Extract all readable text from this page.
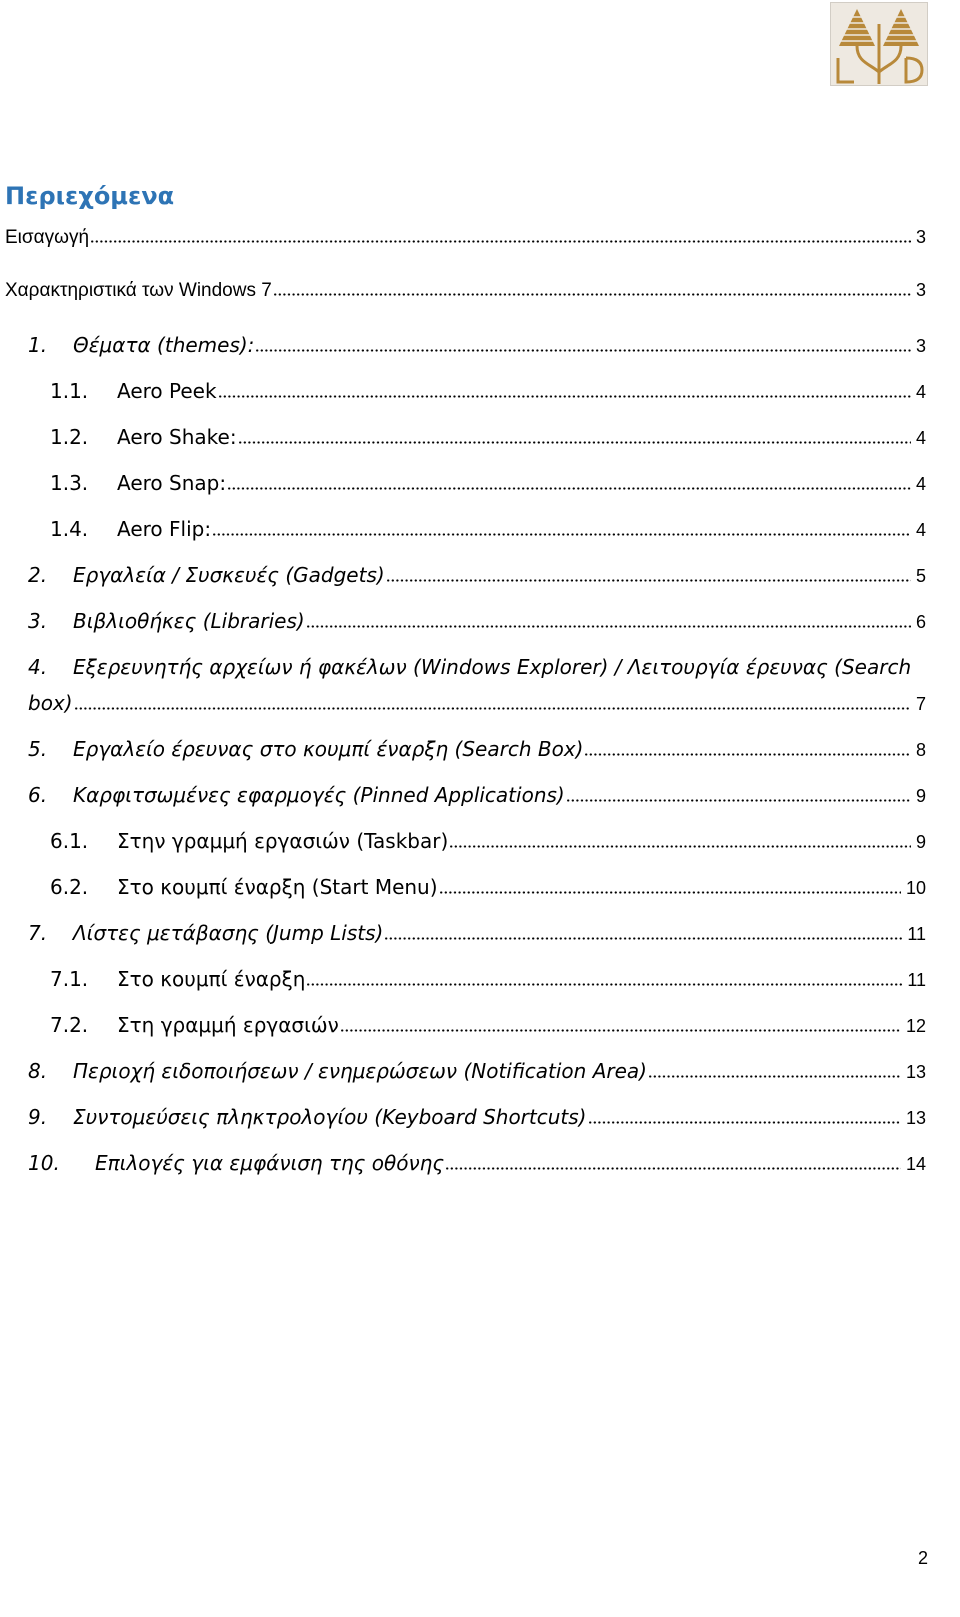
Περιεχόμενα
Εισαγωγή	3
Χαρακτηριστικά των Windows 7	3
1.	Θέματα (themes):	3
1.1.	Aero Peek	4
1.2.	Aero Shake:	4
1.3.	Aero Snap:	4
1.4.	Aero Flip:	4
2.	Εργαλεία / Συσκευές (Gadgets)	5
3.	Βιβλιοθήκες (Libraries)	6
4.	Εξερευνητής αρχείων ή φακέλων (Windows Explorer) / Λειτουργία έρευνας (Search
box)	7
5.	Εργαλείο έρευνας στο κουμπί έναρξη (Search Box)	8
6.	Καρφιτσωμένες εφαρμογές (Pinned Applications)	9
6.1.	Στην γραμμή εργασιών (Taskbar)	9
6.2.	Στο κουμπί έναρξη (Start Menu)	10
7.	Λίστες μετάβασης (Jump Lists)	11
7.1.	Στο κουμπί έναρξη	11
7.2.	Στη γραμμή εργασιών	12
8.	Περιοχή ειδοποιήσεων / ενημερώσεων (Notification Area)	13
9.	Συντομεύσεις πληκτρολογίου (Keyboard Shortcuts)	13
10.	Επιλογές για εμφάνιση της οθόνης	14
2
